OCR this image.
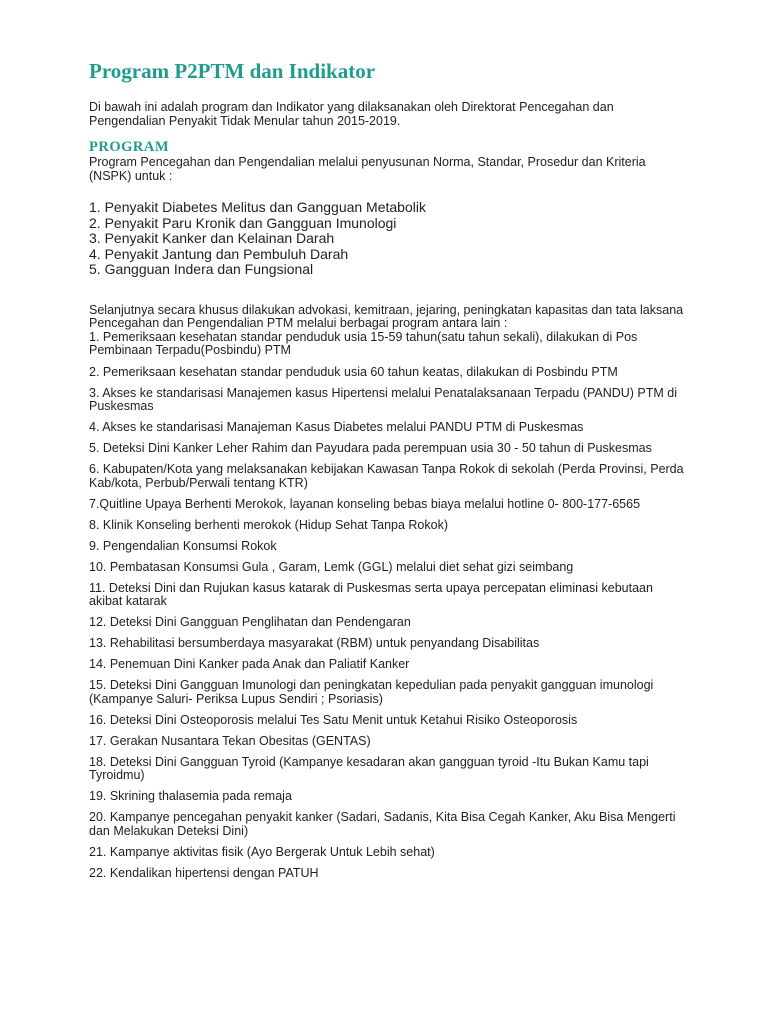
Program P2PTM dan Indikator

Di bawah ini adalah program dan Indikator yang dilaksanakan oleh Direktorat Pencegahan dan Pengendalian Penyakit Tidak Menular tahun 2015-2019.

PROGRAM

Program Pencegahan dan Pengendalian melalui penyusunan Norma, Standar, Prosedur dan Kriteria (NSPK) untuk :

1. Penyakit Diabetes Melitus dan Gangguan Metabolik
2. Penyakit Paru Kronik dan Gangguan Imunologi
3. Penyakit Kanker dan Kelainan Darah
4. Penyakit Jantung dan Pembuluh Darah
5. Gangguan Indera dan Fungsional

Selanjutnya secara khusus dilakukan advokasi, kemitraan, jejaring, peningkatan kapasitas dan tata laksana Pencegahan dan Pengendalian PTM melalui berbagai program antara lain :

1. Pemeriksaan kesehatan standar penduduk usia 15-59 tahun(satu tahun sekali), dilakukan di Pos Pembinaan Terpadu(Posbindu) PTM

2. Pemeriksaan kesehatan standar penduduk usia 60 tahun keatas, dilakukan di Posbindu PTM
3. Akses ke standarisasi Manajemen kasus Hipertensi melalui Penatalaksanaan Terpadu (PANDU) PTM di Puskesmas
4. Akses ke standarisasi Manajeman Kasus Diabetes melalui PANDU PTM di Puskesmas
5. Deteksi Dini Kanker Leher Rahim dan Payudara pada perempuan usia 30 - 50 tahun di Puskesmas
6. Kabupaten/Kota yang melaksanakan kebijakan Kawasan Tanpa Rokok di sekolah (Perda Provinsi, Perda Kab/kota, Perbub/Perwali tentang KTR)
7.Quitline Upaya Berhenti Merokok, layanan konseling bebas biaya melalui hotline 0- 800-177-6565
8. Klinik Konseling berhenti merokok (Hidup Sehat Tanpa Rokok)
9. Pengendalian Konsumsi Rokok
10. Pembatasan Konsumsi Gula , Garam, Lemk (GGL) melalui diet sehat gizi seimbang
11. Deteksi Dini dan Rujukan kasus katarak di Puskesmas serta upaya percepatan eliminasi kebutaan akibat katarak
12. Deteksi Dini Gangguan Penglihatan dan Pendengaran
13. Rehabilitasi bersumberdaya masyarakat (RBM) untuk penyandang Disabilitas
14. Penemuan Dini Kanker pada Anak dan Paliatif Kanker
15. Deteksi Dini Gangguan Imunologi dan peningkatan kepedulian pada penyakit gangguan imunologi (Kampanye Saluri- Periksa Lupus Sendiri ; Psoriasis)
16. Deteksi Dini Osteoporosis melalui Tes Satu Menit untuk Ketahui Risiko Osteoporosis
17. Gerakan Nusantara Tekan Obesitas (GENTAS)
18. Deteksi Dini Gangguan Tyroid (Kampanye kesadaran akan gangguan tyroid -Itu Bukan Kamu tapi Tyroidmu)
19. Skrining thalasemia pada remaja
20. Kampanye pencegahan penyakit kanker (Sadari, Sadanis, Kita Bisa Cegah Kanker, Aku Bisa Mengerti dan Melakukan Deteksi Dini)
21. Kampanye aktivitas fisik (Ayo Bergerak Untuk Lebih sehat)
22. Kendalikan hipertensi dengan PATUH
